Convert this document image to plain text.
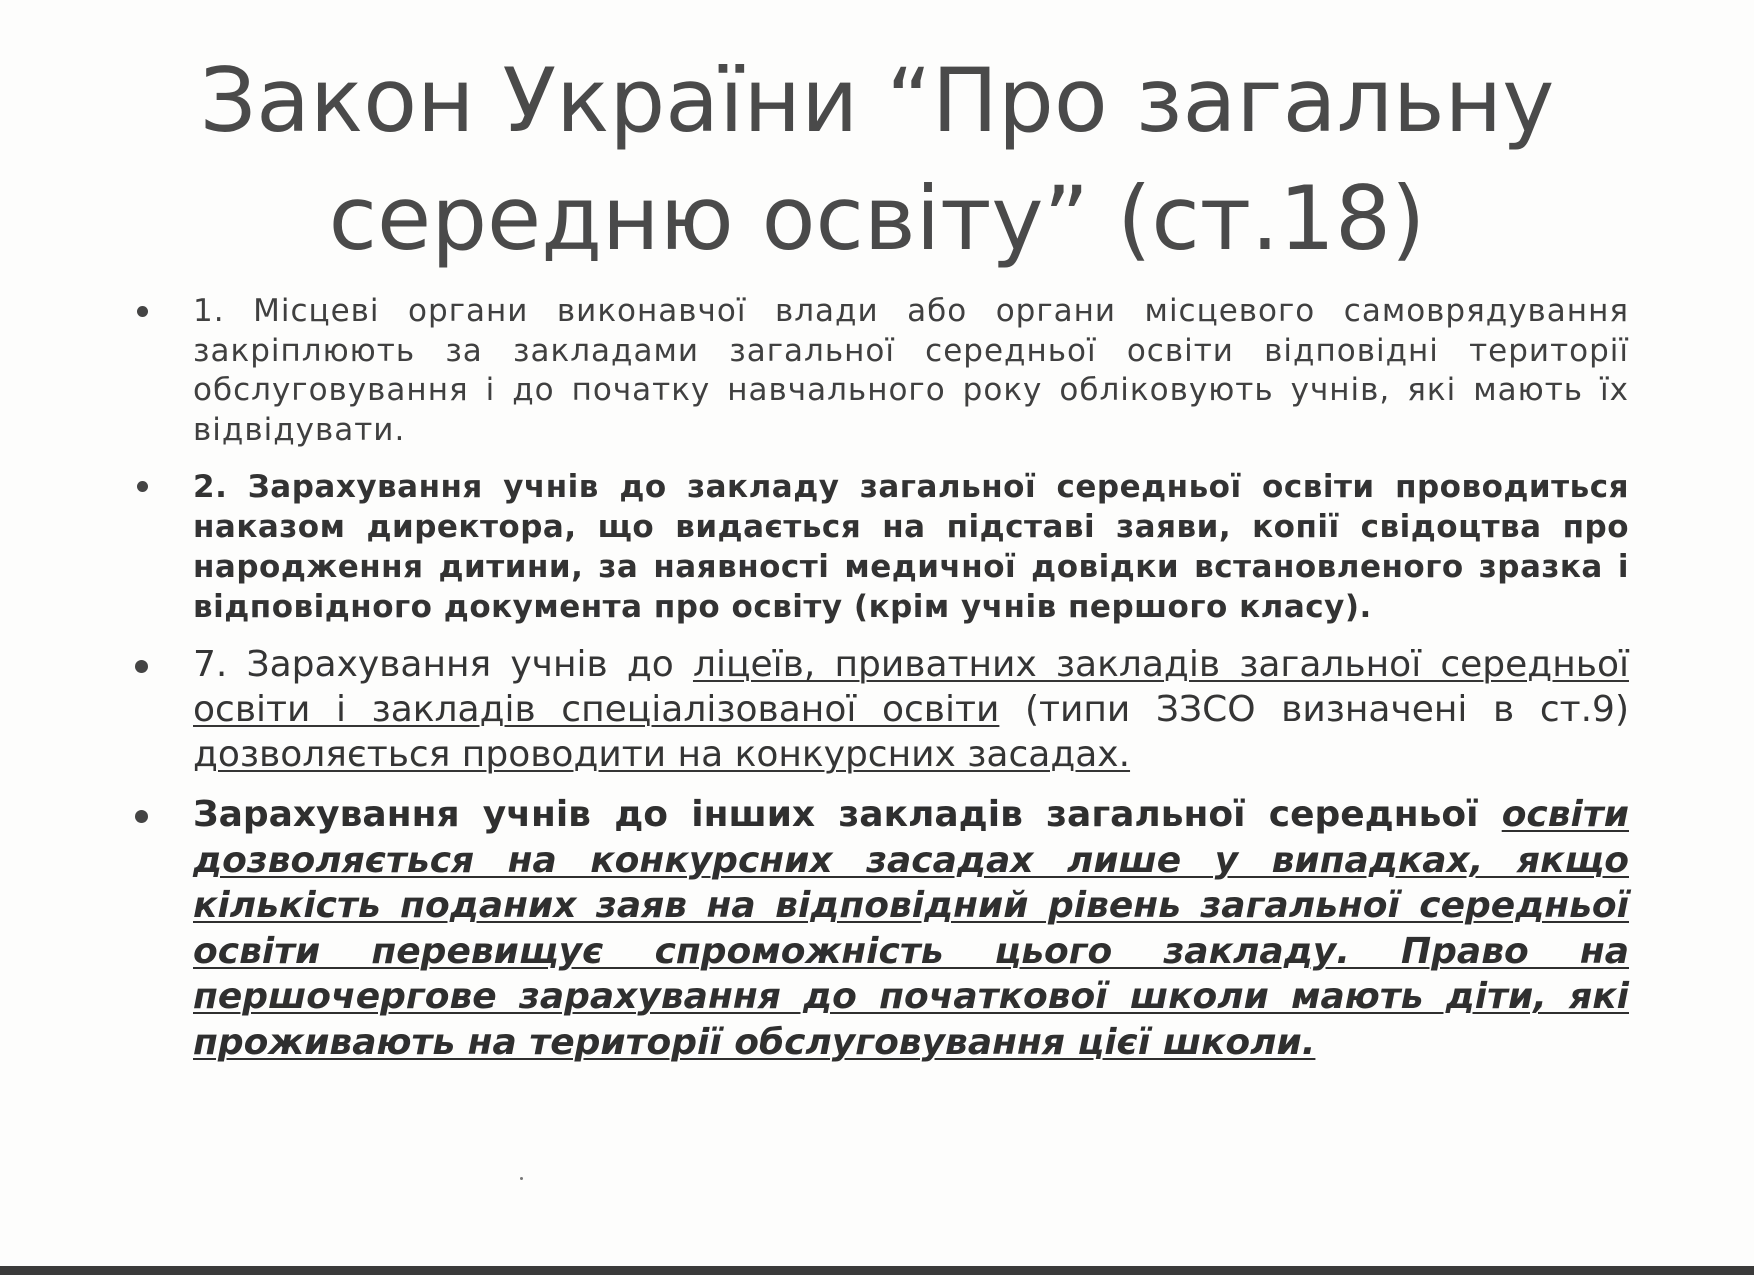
Закон України “Про загальну
середню освіту” (ст.18)
1. Місцеві органи виконавчої влади або органи місцевого самоврядування закріплюють за закладами загальної середньої освіти відповідні території обслуговування і до початку навчального року обліковують учнів, які мають їх відвідувати.
2. Зарахування учнів до закладу загальної середньої освіти проводиться наказом директора, що видається на підставі заяви, копії свідоцтва про народження дитини, за наявності медичної довідки встановленого зразка і відповідного документа про освіту (крім учнів першого класу).
7. Зарахування учнів до ліцеїв, приватних закладів загальної середньої освіти і закладів спеціалізованої освіти (типи ЗЗСО визначені в ст.9) дозволяється проводити на конкурсних засадах.
Зарахування учнів до інших закладів загальної середньої освіти дозволяється на конкурсних засадах лише у випадках, якщо кількість поданих заяв на відповідний рівень загальної середньої освіти перевищує спроможність цього закладу. Право на першочергове зарахування до початкової школи мають діти, які проживають на території обслуговування цієї школи.
